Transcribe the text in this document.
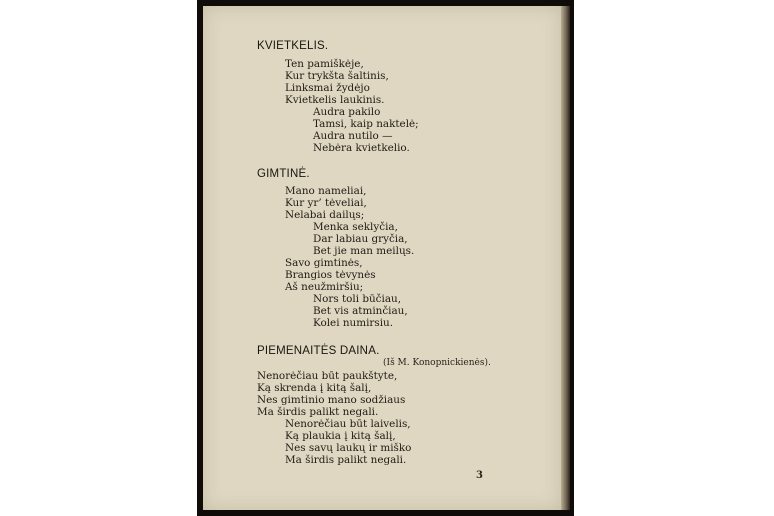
KVIETKELIS.
Ten pamiškėje,
Kur trykšta šaltinis,
Linksmai žydėjo
Kvietkelis laukinis.
Audra pakilo
Tamsi, kaip naktelė;
Audra nutilo —
Nebėra kvietkelio.
GIMTINĖ.
Mano nameliai,
Kur yr’ tėveliai,
Nelabai dailųs;
Menka seklyčia,
Dar labiau gryčia,
Bet jie man meilųs.
Savo gimtinės,
Brangios tėvynės
Aš neužmiršiu;
Nors toli būčiau,
Bet vis atminčiau,
Kolei numirsiu.
PIEMENAITĖS DAINA.
(Iš M. Konopnickienės).
Nenorėčiau būt paukštyte,
Ką skrenda į kitą šalį,
Nes gimtinio mano sodžiaus
Ma širdis palikt negali.
Nenorėčiau būt laivelis,
Ką plaukia į kitą šalį,
Nes savų laukų ir miško
Ma širdis palikt negali.
3
